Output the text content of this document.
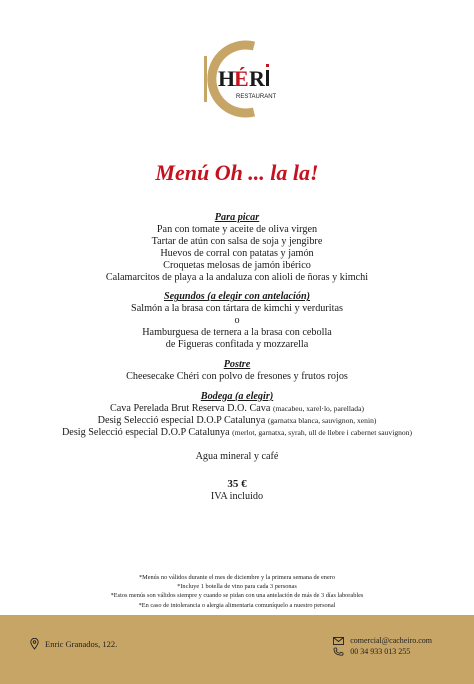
H
É R
RESTAURANT
Menú Oh ... la la!
Para picar
Pan con tomate y aceite de oliva virgen
Tartar de atún con salsa de soja y jengibre
Huevos de corral con patatas y jamón
Croquetas melosas de jamón ibérico
Calamarcitos de playa a la andaluza con alioli de ñoras y kimchi
Segundos (a elegir con antelación)
Salmón a la brasa con tártara de kimchi y verduritas
o
Hamburguesa de ternera a la brasa con cebolla
de Figueras confitada y mozzarella
Postre
Cheesecake Chéri con polvo de fresones y frutos rojos
Bodega (a elegir)
Cava Perelada Brut Reserva D.O. Cava (macabeu, xarel·lo, parellada)
Desig Selecció especial D.O.P Catalunya (garnatxa blanca, sauvignon, xenin)
Desig Selecció especial D.O.P Catalunya (merlot, garnatxa, syrah, ull de llebre i cabernet sauvignon)
Agua mineral y café
35 €
IVA incluido
*Menús no válidos durante el mes de diciembre y la primera semana de enero
*Incluye 1 botella de vino para cada 3 personas
*Estos menús son válidos siempre y cuando se pidan con una antelación de más de 3 días laborables
*En caso de intolerancia o alergia alimentaria comuníquelo a nuestro personal
Enric Granados, 122.	comercial@cacheiro.com
00 34 933 013 255
